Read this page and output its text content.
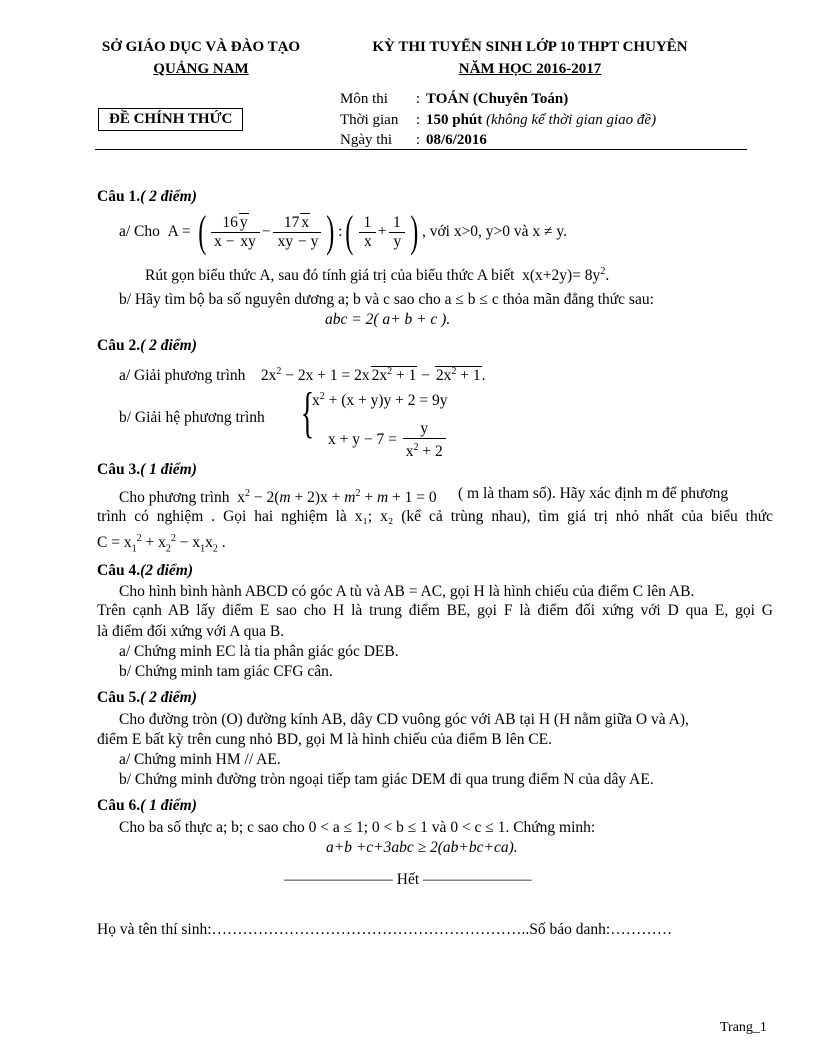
SỞ GIÁO DỤC VÀ ĐÀO TẠO
QUẢNG NAM
KỲ THI TUYỂN SINH LỚP 10 THPT CHUYÊN
NĂM HỌC 2016-2017
ĐỀ CHÍNH THỨC
Môn thi : TOÁN (Chuyên Toán)
Thời gian : 150 phút (không kể thời gian giao đề)
Ngày thi : 08/6/2016
Câu 1.( 2 điểm)
a/ Cho  A = ( $\frac{16 y}{x - xy} - \frac{17 x}{xy - y}$ ) :( $\frac{1}{x} + \frac{1}{y}$ ) , với x>0, y>0 và x ≠ y.
Rút gọn biểu thức A, sau đó tính giá trị của biểu thức A biết $x(x+2y)= 8y^2$.
b/ Hãy tìm bộ ba số nguyên dương a; b và c sao cho a ≤ b ≤ c thỏa mãn đẳng thức sau:
abc = 2( a+ b + c ).
Câu 2.( 2 điểm)
a/ Giải phương trình $2x^2 - 2x + 1 = 2x$ $2x^2 + 1 - 2x^2 + 1$.
b/ Giải hệ phương trình {
$x^2 + (x + y)y + 2 = 9y$
$x + y - 7 = \frac{y}{x^2 + 2}$
Câu 3.( 1 điểm)
Cho phương trình $x^2 - 2(m + 2)x + m^2 + m + 1 = 0$ ( m là tham số). Hãy xác định m để phương
trình có nghiệm . Gọi hai nghiệm là x₁; x₂ (kể cả trùng nhau), tìm giá trị nhỏ nhất của biểu thức
$C = x_1^2 + x_2^2 - x_1x_2$ .
Câu 4.(2 điểm)
Cho hình bình hành ABCD có góc A tù và AB = AC, gọi H là hình chiếu của điểm C lên AB.
Trên cạnh AB lấy điểm E sao cho H là trung điểm BE, gọi F là điểm đối xứng với D qua E, gọi G
là điểm đối xứng với A qua B.
a/ Chứng minh EC là tia phân giác góc DEB.
b/ Chứng minh tam giác CFG cân.
Câu 5.( 2 điểm)
Cho đường tròn (O) đường kính AB, dây CD vuông góc với AB tại H (H nằm giữa O và A),
điểm E bất kỳ trên cung nhỏ BD, gọi M là hình chiếu của điểm B lên CE.
a/ Chứng minh HM // AE.
b/ Chứng minh đường tròn ngoại tiếp tam giác DEM đi qua trung điểm N của dây AE.
Câu 6.( 1 điểm)
Cho ba số thực a; b; c sao cho 0 < a ≤ 1; 0 < b ≤ 1 và 0 < c ≤ 1. Chứng minh:
a+b +c+3abc ≥ 2(ab+bc+ca).
——————— Hết ———————
Họ và tên thí sinh:……………………………………………………..Số báo danh:…………
Trang_1
